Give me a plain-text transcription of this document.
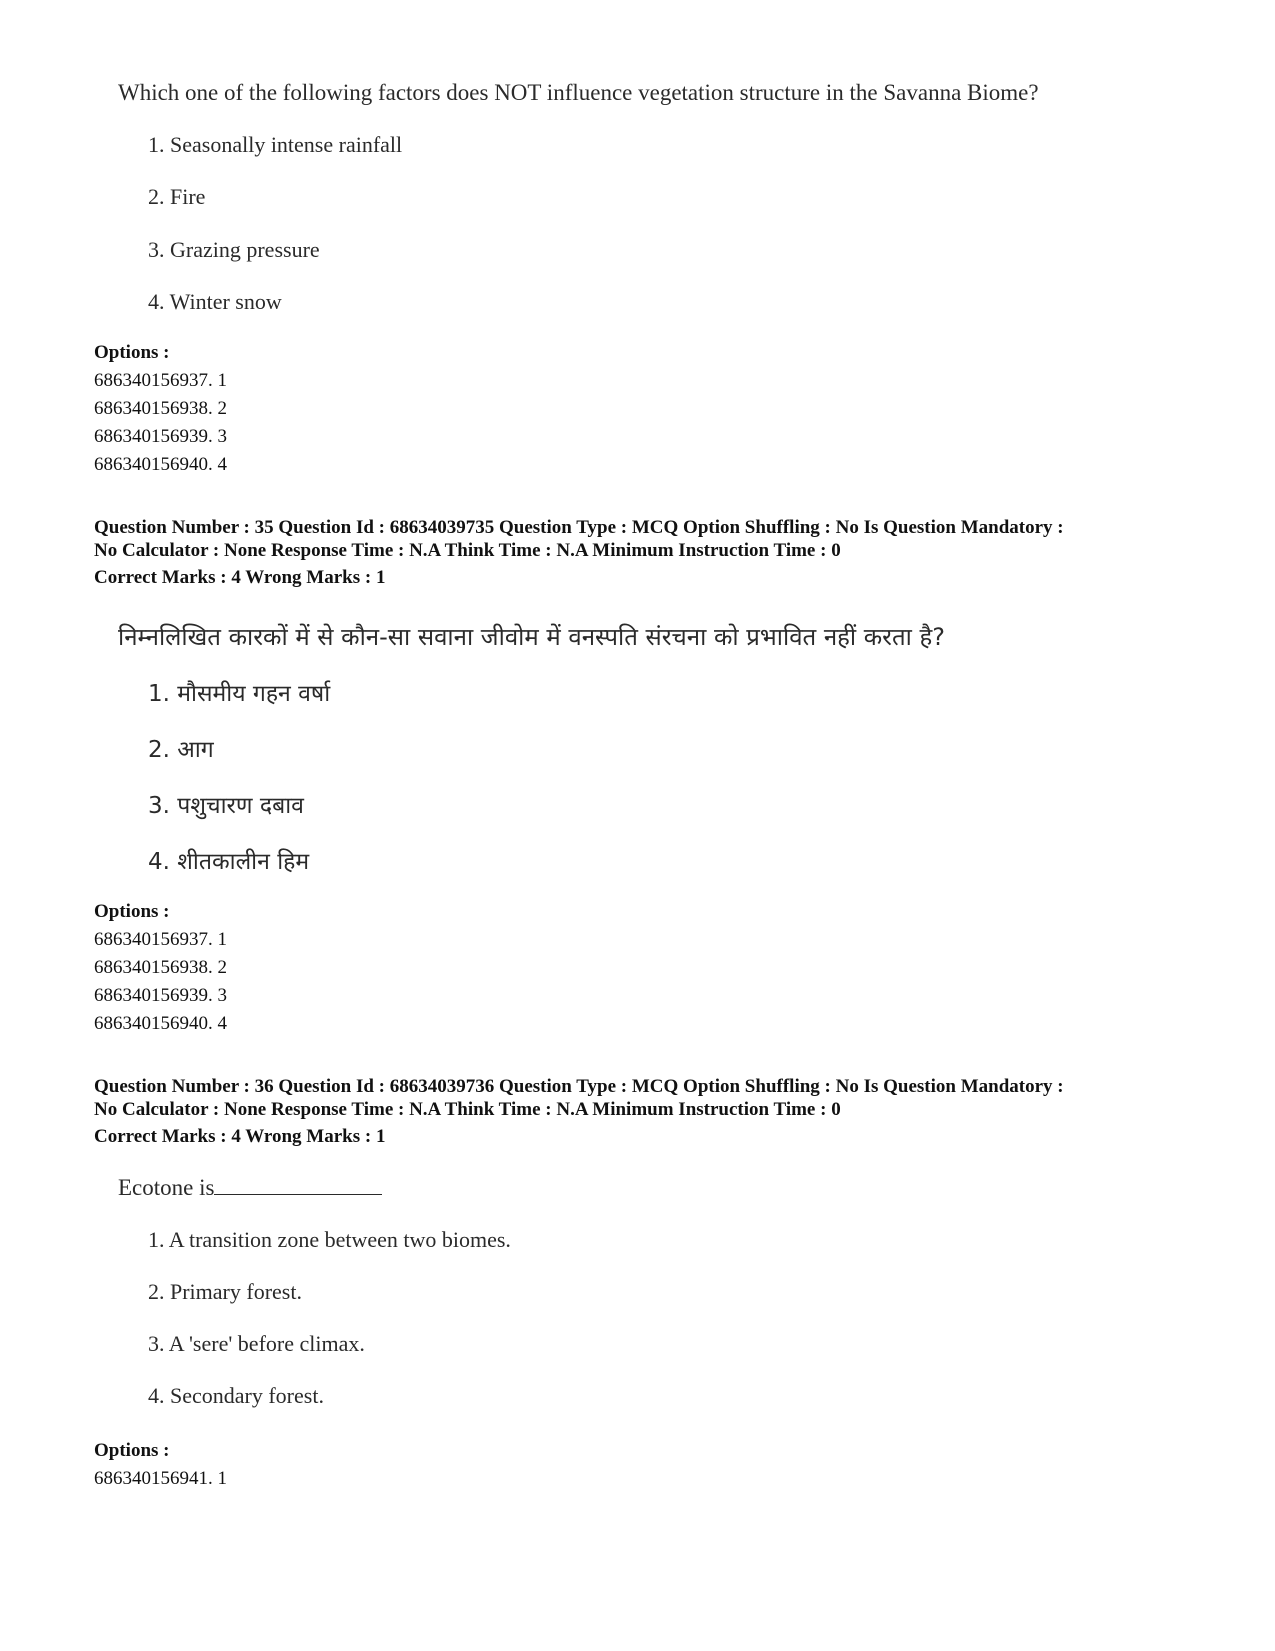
Which one of the following factors does NOT influence vegetation structure in the Savanna Biome?
1. Seasonally intense rainfall
2. Fire
3. Grazing pressure
4. Winter snow
Options :
686340156937. 1
686340156938. 2
686340156939. 3
686340156940. 4
Question Number : 35 Question Id : 68634039735 Question Type : MCQ Option Shuffling : No Is Question Mandatory :
No Calculator : None Response Time : N.A Think Time : N.A Minimum Instruction Time : 0
Correct Marks : 4 Wrong Marks : 1
निम्नलिखित कारकों में से कौन-सा सवाना जीवोम में वनस्पति संरचना को प्रभावित नहीं करता है?
1. मौसमीय गहन वर्षा
2. आग
3. पशुचारण दबाव
4. शीतकालीन हिम
Options :
686340156937. 1
686340156938. 2
686340156939. 3
686340156940. 4
Question Number : 36 Question Id : 68634039736 Question Type : MCQ Option Shuffling : No Is Question Mandatory :
No Calculator : None Response Time : N.A Think Time : N.A Minimum Instruction Time : 0
Correct Marks : 4 Wrong Marks : 1
Ecotone is
1. A transition zone between two biomes.
2. Primary forest.
3. A 'sere' before climax.
4. Secondary forest.
Options :
686340156941. 1
